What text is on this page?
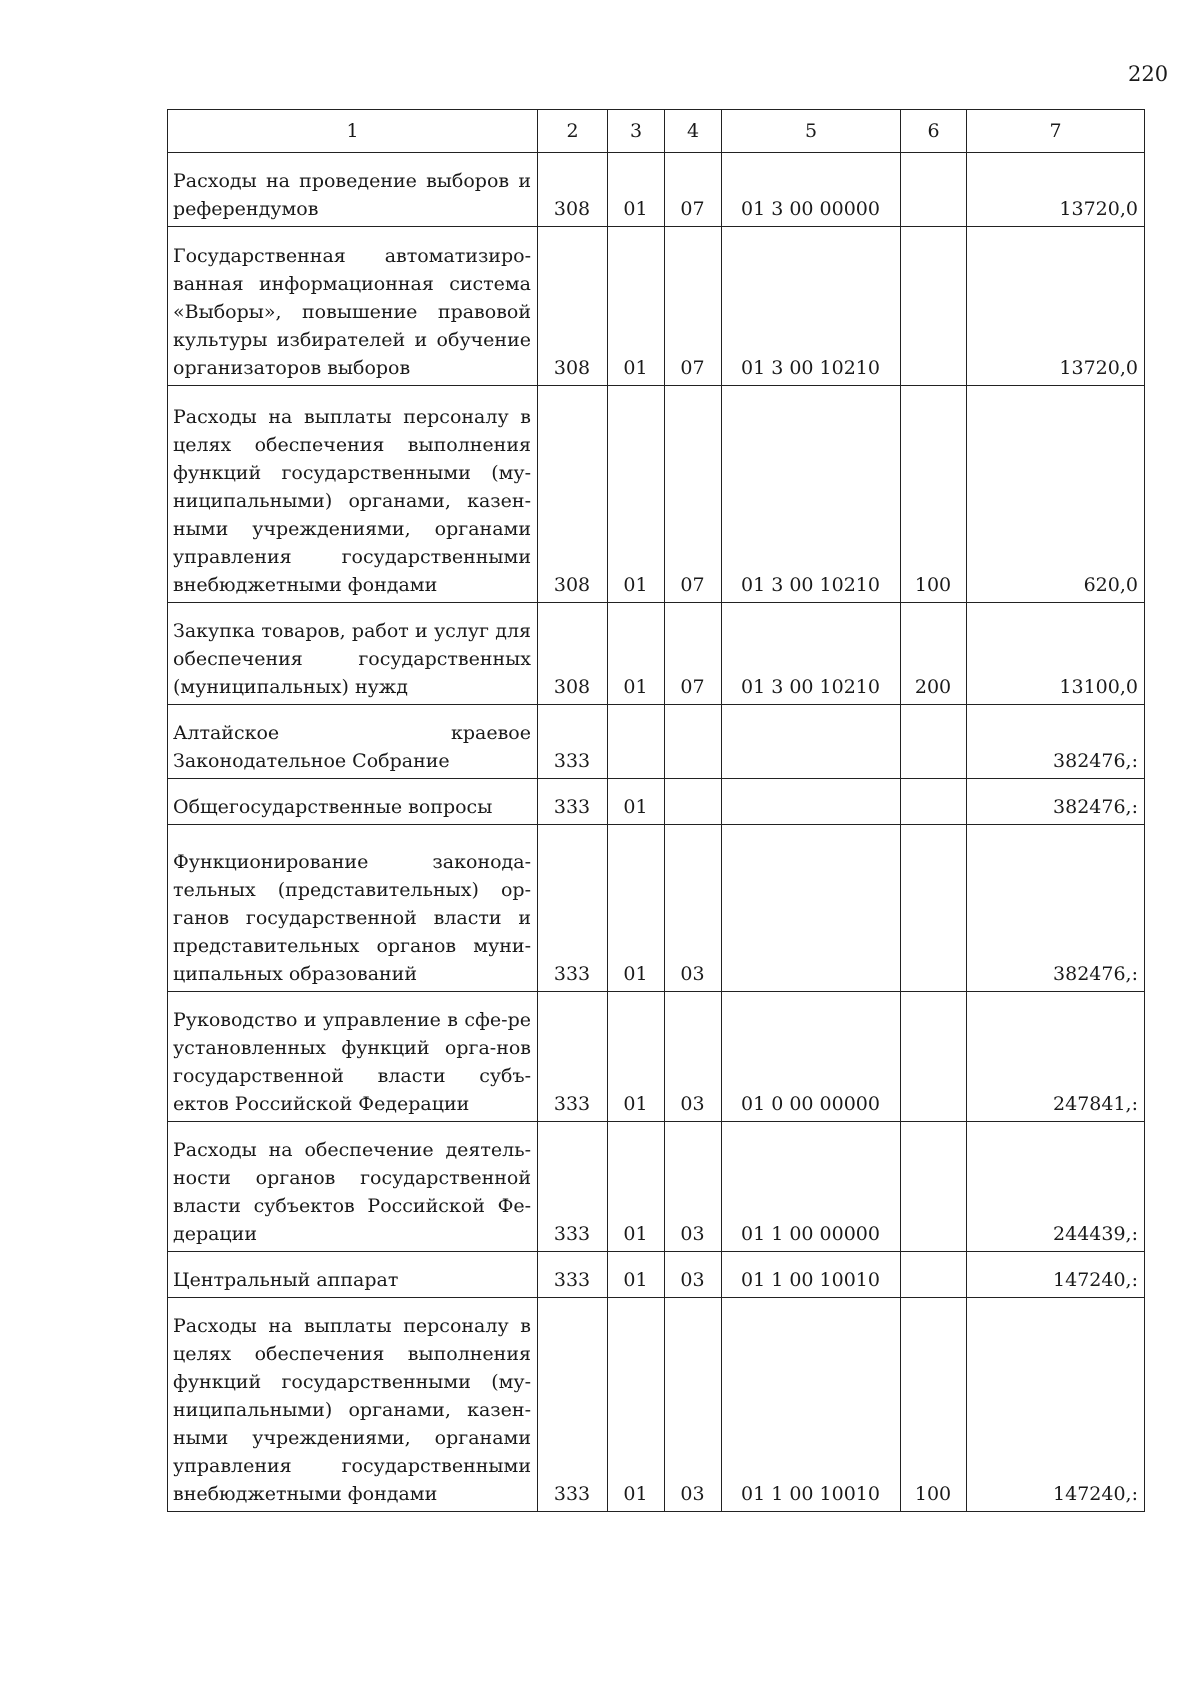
220
1	2	3	4	5	6	7
Расходы на проведение выборов и референдумов	308	01	07	01 3 00 00000		13720,0
Государственная автоматизиро-ванная информационная система «Выборы», повышение правовой культуры избирателей и обучение организаторов выборов	308	01	07	01 3 00 10210		13720,0
Расходы на выплаты персоналу в целях обеспечения выполнения функций государственными (му-ниципальными) органами, казен-ными учреждениями, органами управления государственными внебюджетными фондами	308	01	07	01 3 00 10210	100	620,0
Закупка товаров, работ и услуг для обеспечения государственных (муниципальных) нужд	308	01	07	01 3 00 10210	200	13100,0
Алтайское краевое Законодательное Собрание	333					382476,:
Общегосударственные вопросы	333	01				382476,:
Функционирование законода-тельных (представительных) ор-ганов государственной власти и представительных органов муни-ципальных образований	333	01	03			382476,:
Руководство и управление в сфе-ре установленных функций орга-нов государственной власти субъ-ектов Российской Федерации	333	01	03	01 0 00 00000		247841,:
Расходы на обеспечение деятель-ности органов государственной власти субъектов Российской Фе-дерации	333	01	03	01 1 00 00000		244439,:
Центральный аппарат	333	01	03	01 1 00 10010		147240,:
Расходы на выплаты персоналу в целях обеспечения выполнения функций государственными (му-ниципальными) органами, казен-ными учреждениями, органами управления государственными внебюджетными фондами	333	01	03	01 1 00 10010	100	147240,:
